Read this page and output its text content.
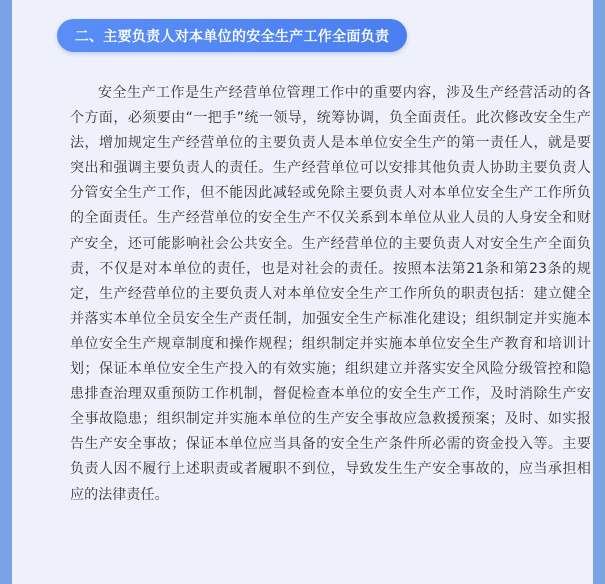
二、主要负责人对本单位的安全生产工作全面负责

安全生产工作是生产经营单位管理工作中的重要内容，涉及生产经营活动的各个方面，必须要由“一把手”统一领导，统筹协调，负全面责任。此次修改安全生产法，增加规定生产经营单位的主要负责人是本单位安全生产的第一责任人，就是要突出和强调主要负责人的责任。生产经营单位可以安排其他负责人协助主要负责人分管安全生产工作，但不能因此减轻或免除主要负责人对本单位安全生产工作所负的全面责任。生产经营单位的安全生产不仅关系到本单位从业人员的人身安全和财产安全，还可能影响社会公共安全。生产经营单位的主要负责人对安全生产全面负责，不仅是对本单位的责任，也是对社会的责任。按照本法第21条和第23条的规定，生产经营单位的主要负责人对本单位安全生产工作所负的职责包括：建立健全并落实本单位全员安全生产责任制，加强安全生产标准化建设；组织制定并实施本单位安全生产规章制度和操作规程；组织制定并实施本单位安全生产教育和培训计划；保证本单位安全生产投入的有效实施；组织建立并落实安全风险分级管控和隐患排查治理双重预防工作机制，督促检查本单位的安全生产工作，及时消除生产安全事故隐患；组织制定并实施本单位的生产安全事故应急救援预案；及时、如实报告生产安全事故；保证本单位应当具备的安全生产条件所必需的资金投入等。主要负责人因不履行上述职责或者履职不到位，导致发生生产安全事故的，应当承担相应的法律责任。
